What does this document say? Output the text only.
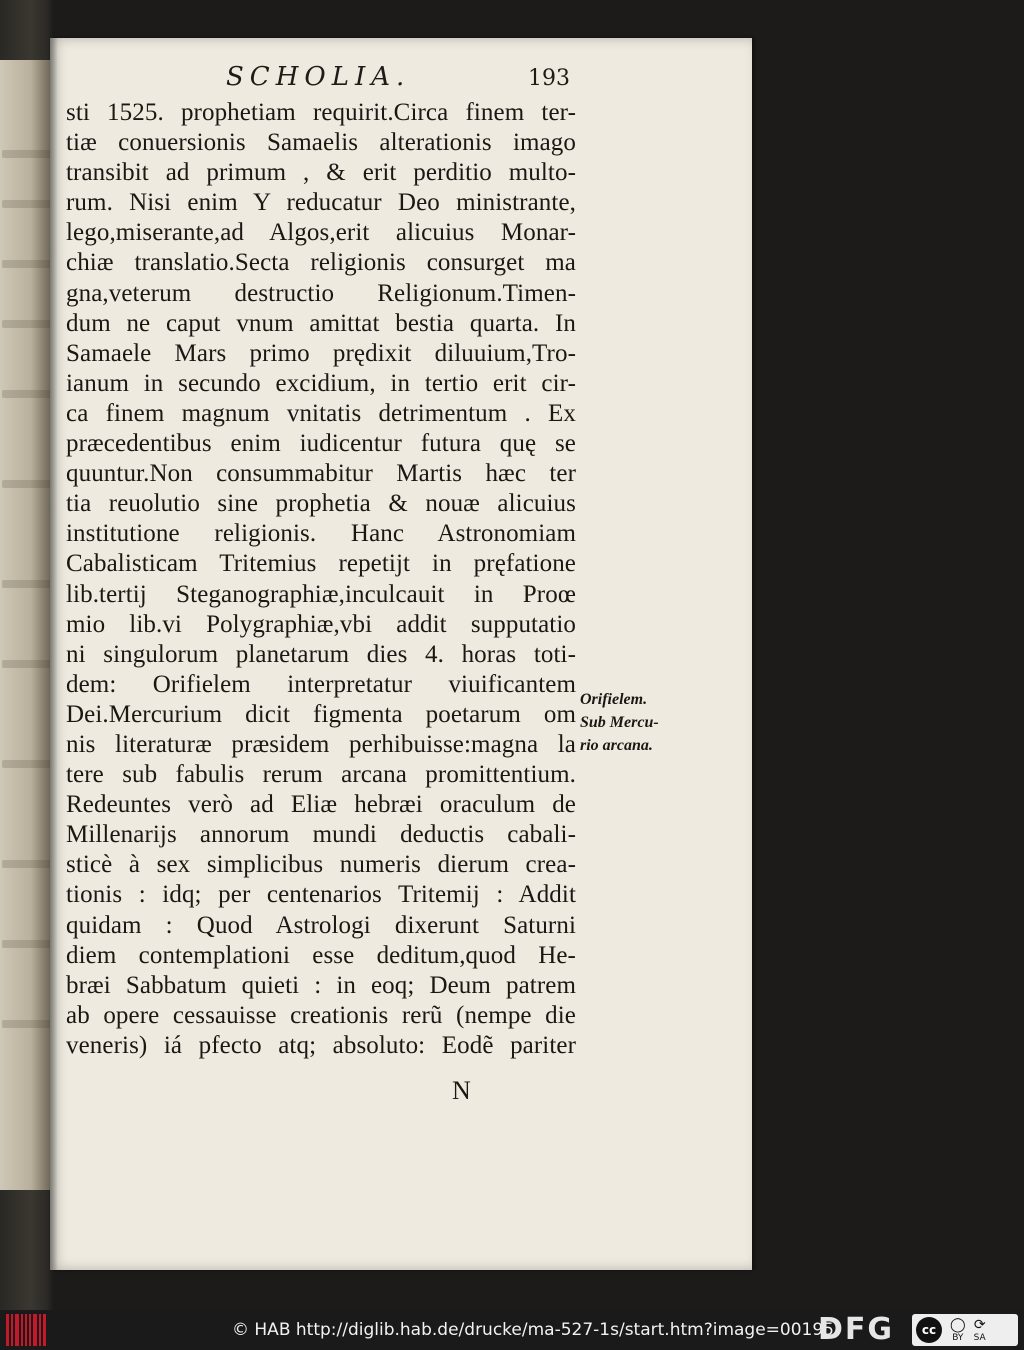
SCHOLIA.	193
sti 1525. prophetiam requirit.Circa finem ter-
tiæ conuersionis Samaelis alterationis imago
transibit ad primum , & erit perditio multo-
rum. Nisi enim Y reducatur Deo ministrante,
lego,miserante,ad Algos,erit alicuius Monar-
chiæ translatio.Secta religionis consurget ma
gna,veterum destructio Religionum.Timen-
dum ne caput vnum amittat bestia quarta. In
Samaele Mars primo prędixit diluuium,Tro-
ianum in secundo excidium, in tertio erit cir-
ca finem magnum vnitatis detrimentum . Ex
præcedentibus enim iudicentur futura quę se
quuntur.Non consummabitur Martis hæc ter
tia reuolutio sine prophetia & nouæ alicuius
institutione religionis. Hanc Astronomiam
Cabalisticam Tritemius repetijt in pręfatione
lib.tertij Steganographiæ,inculcauit in Proœ
mio lib.vi Polygraphiæ,vbi addit supputatio
ni singulorum planetarum dies 4. horas toti-
dem: Orifielem interpretatur viuificantem
Dei.Mercurium dicit figmenta poetarum om
nis literaturæ præsidem perhibuisse:magna la
tere sub fabulis rerum arcana promittentium.
Redeuntes verò ad Eliæ hebræi oraculum de
Millenarijs annorum mundi deductis cabali-
sticè à sex simplicibus numeris dierum crea-
tionis : idq; per centenarios Tritemij : Addit
quidam : Quod Astrologi dixerunt Saturni
diem contemplationi esse deditum,quod He-
bræi Sabbatum quieti : in eoq; Deum patrem
ab opere cessauisse creationis rerũ (nempe die
veneris) iá pfecto atq; absoluto: Eodẽ pariter
Orifielem.
Sub Mercu-
rio arcana.
N
© HAB http://diglib.hab.de/drucke/ma-527-1s/start.htm?image=00195
DFG	cc ◯
BY
⟳
SA
